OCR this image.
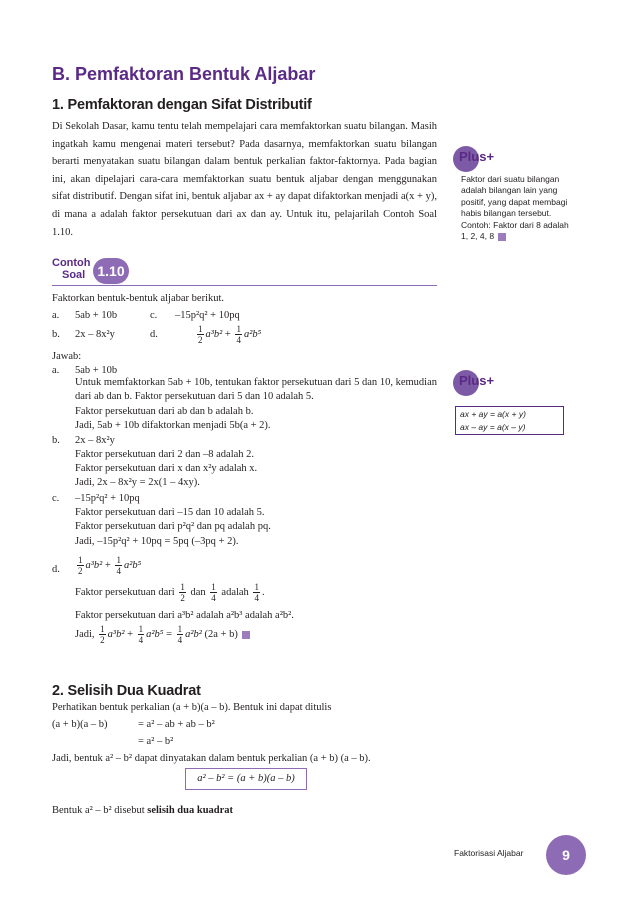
B. Pemfaktoran Bentuk Aljabar
1. Pemfaktoran dengan Sifat Distributif
Di Sekolah Dasar, kamu tentu telah mempelajari cara memfaktorkan suatu bilangan. Masih ingatkah kamu mengenai materi tersebut? Pada dasarnya, memfaktorkan suatu bilangan berarti menyatakan suatu bilangan dalam bentuk perkalian faktor-faktornya. Pada bagian ini, akan dipelajari cara-cara memfaktorkan suatu bentuk aljabar dengan menggunakan sifat distributif. Dengan sifat ini, bentuk aljabar ax + ay dapat difaktorkan menjadi a(x + y), di mana a adalah faktor persekutuan dari ax dan ay. Untuk itu, pelajarilah Contoh Soal 1.10.
Plus+
Faktor dari suatu bilangan adalah bilangan lain yang positif, yang dapat membagi habis bilangan tersebut. Contoh: Faktor dari 8 adalah 1, 2, 4, 8
Contoh
Soal 1.10
Faktorkan bentuk-bentuk aljabar berikut.
a. 5ab + 10b	c. –15p²q² + 10pq
b. 2x – 8x²y	d.	$\frac{1}{2} a^3b^2 + \frac{1}{4} a^2b^5$
Jawab:
a. 5ab + 10b
Untuk memfaktorkan 5ab + 10b, tentukan faktor persekutuan dari 5 dan 10, kemudian dari ab dan b. Faktor persekutuan dari 5 dan 10 adalah 5.
Faktor persekutuan dari ab dan b adalah b.
Jadi, 5ab + 10b difaktorkan menjadi 5b(a + 2).
b. 2x – 8x²y
Faktor persekutuan dari 2 dan –8 adalah 2.
Faktor persekutuan dari x dan x²y adalah x.
Jadi, 2x – 8x²y = 2x(1 – 4xy).
c. –15p²q² + 10pq
Faktor persekutuan dari –15 dan 10 adalah 5.
Faktor persekutuan dari p²q² dan pq adalah pq.
Jadi, –15p²q² + 10pq = 5pq (–3pq + 2).
d. $\frac{1}{2} a^3b^2 + \frac{1}{4} a^2b^5$
Faktor persekutuan dari $\frac{1}{2}$ dan $\frac{1}{4}$ adalah $\frac{1}{4}$ .
Faktor persekutuan dari a³b² adalah a²b³ adalah a²b².
Jadi, $\frac{1}{2} a^3b^2 + \frac{1}{4} a^2b^5 = \frac{1}{4} a^2b^2$ (2a + b)
Plus+
ax + ay = a(x + y)
ax – ay = a(x – y)
2. Selisih Dua Kuadrat
Perhatikan bentuk perkalian (a + b)(a – b). Bentuk ini dapat ditulis
(a + b)(a – b)	= a² – ab + ab – b²
= a² – b²
Jadi, bentuk a² – b² dapat dinyatakan dalam bentuk perkalian (a + b) (a – b).
a² – b² = (a + b)(a – b)
Bentuk a² – b² disebut selisih dua kuadrat
Faktorisasi Aljabar	9
